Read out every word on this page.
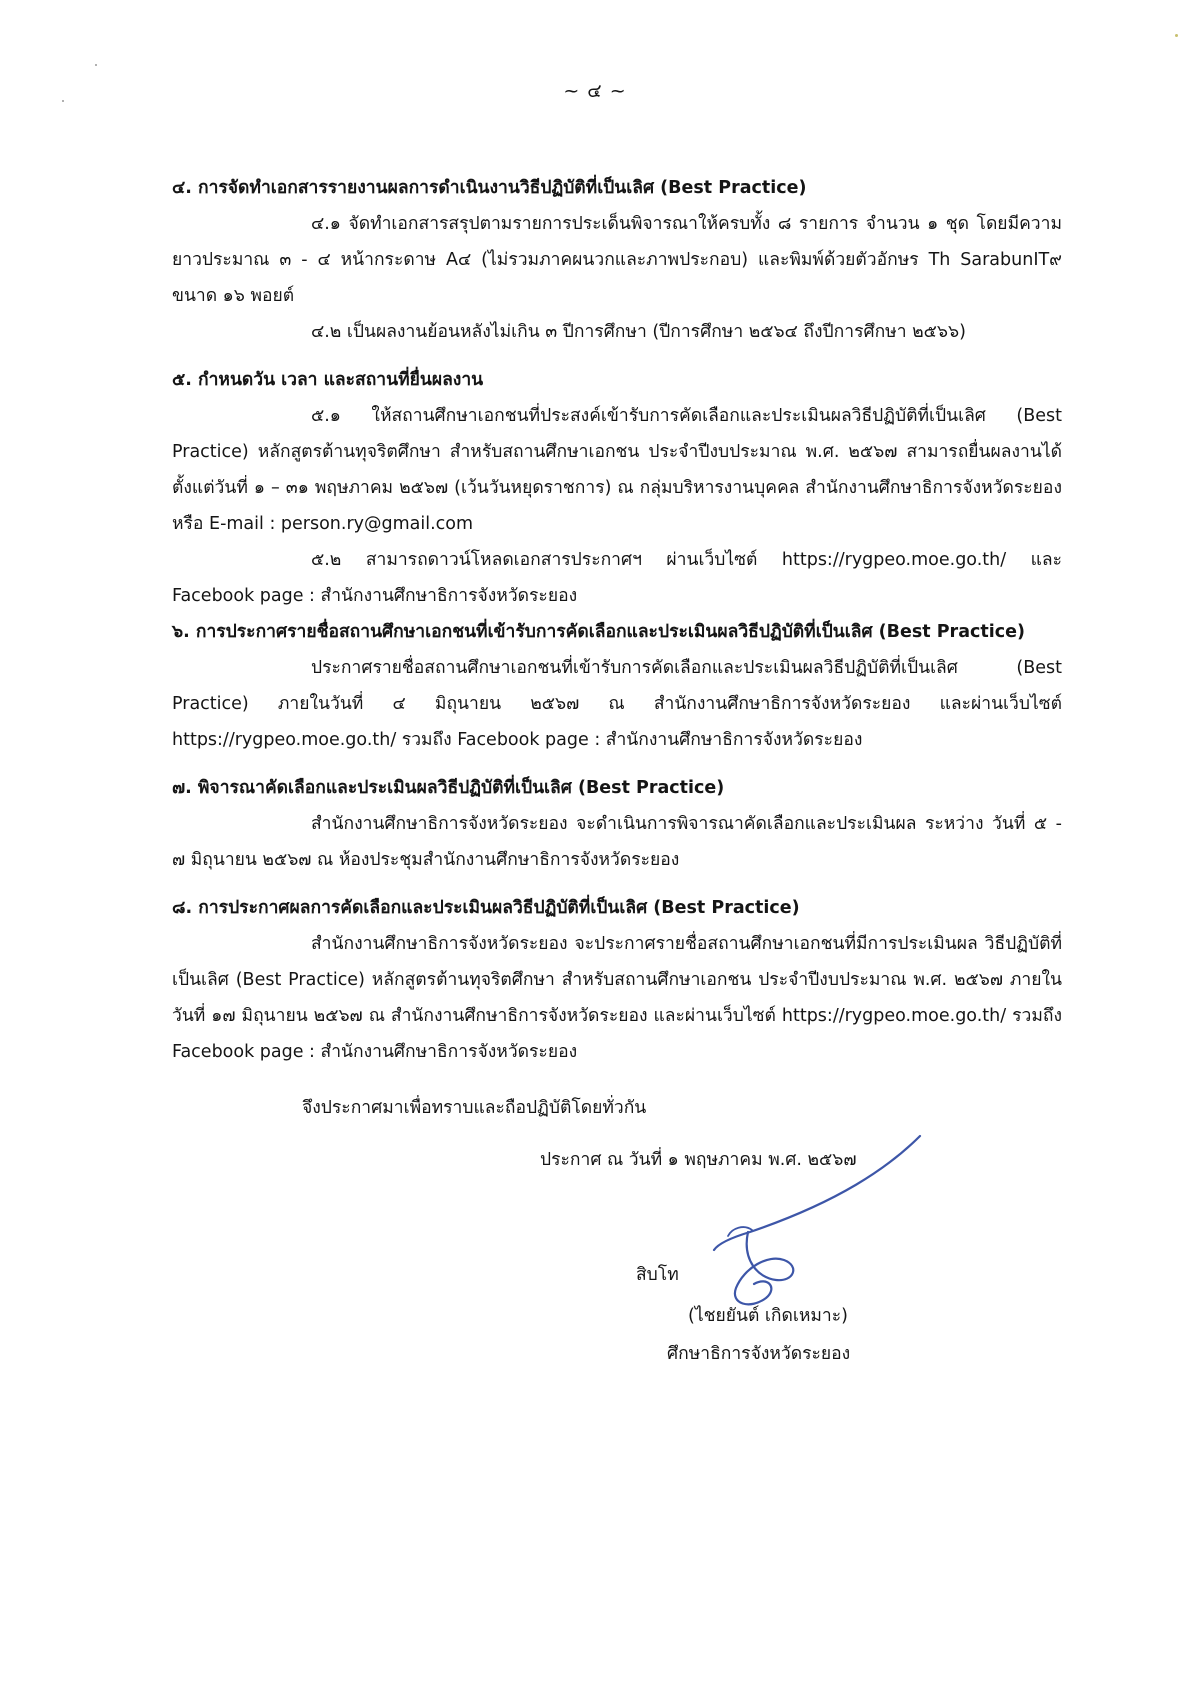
~ ๔ ~

๔. การจัดทำเอกสารรายงานผลการดำเนินงานวิธีปฏิบัติที่เป็นเลิศ (Best Practice)

๔.๑ จัดทำเอกสารสรุปตามรายการประเด็นพิจารณาให้ครบทั้ง ๘ รายการ จำนวน ๑ ชุด โดยมีความยาวประมาณ ๓ - ๔ หน้ากระดาษ A๔ (ไม่รวมภาคผนวกและภาพประกอบ) และพิมพ์ด้วยตัวอักษร Th SarabunIT๙ ขนาด ๑๖ พอยต์

๔.๒ เป็นผลงานย้อนหลังไม่เกิน ๓ ปีการศึกษา (ปีการศึกษา ๒๕๖๔ ถึงปีการศึกษา ๒๕๖๖)

๕. กำหนดวัน เวลา และสถานที่ยื่นผลงาน

๕.๑ ให้สถานศึกษาเอกชนที่ประสงค์เข้ารับการคัดเลือกและประเมินผลวิธีปฏิบัติที่เป็นเลิศ (Best Practice) หลักสูตรต้านทุจริตศึกษา สำหรับสถานศึกษาเอกชน ประจำปีงบประมาณ พ.ศ. ๒๕๖๗ สามารถยื่นผลงานได้ตั้งแต่วันที่ ๑ – ๓๑ พฤษภาคม ๒๕๖๗ (เว้นวันหยุดราชการ) ณ กลุ่มบริหารงานบุคคล สำนักงานศึกษาธิการจังหวัดระยอง หรือ E-mail : person.ry@gmail.com

๕.๒ สามารถดาวน์โหลดเอกสารประกาศฯ ผ่านเว็บไซต์ https://rygpeo.moe.go.th/ และ Facebook page : สำนักงานศึกษาธิการจังหวัดระยอง

๖. การประกาศรายชื่อสถานศึกษาเอกชนที่เข้ารับการคัดเลือกและประเมินผลวิธีปฏิบัติที่เป็นเลิศ (Best Practice)

ประกาศรายชื่อสถานศึกษาเอกชนที่เข้ารับการคัดเลือกและประเมินผลวิธีปฏิบัติที่เป็นเลิศ (Best Practice) ภายในวันที่ ๔ มิถุนายน ๒๕๖๗ ณ สำนักงานศึกษาธิการจังหวัดระยอง และผ่านเว็บไซต์ https://rygpeo.moe.go.th/ รวมถึง Facebook page : สำนักงานศึกษาธิการจังหวัดระยอง

๗. พิจารณาคัดเลือกและประเมินผลวิธีปฏิบัติที่เป็นเลิศ (Best Practice)

สำนักงานศึกษาธิการจังหวัดระยอง จะดำเนินการพิจารณาคัดเลือกและประเมินผล ระหว่าง วันที่ ๕ - ๗ มิถุนายน ๒๕๖๗ ณ ห้องประชุมสำนักงานศึกษาธิการจังหวัดระยอง

๘. การประกาศผลการคัดเลือกและประเมินผลวิธีปฏิบัติที่เป็นเลิศ (Best Practice)

สำนักงานศึกษาธิการจังหวัดระยอง จะประกาศรายชื่อสถานศึกษาเอกชนที่มีการประเมินผล วิธีปฏิบัติที่เป็นเลิศ (Best Practice) หลักสูตรต้านทุจริตศึกษา สำหรับสถานศึกษาเอกชน ประจำปีงบประมาณ พ.ศ. ๒๕๖๗ ภายในวันที่ ๑๗ มิถุนายน ๒๕๖๗ ณ สำนักงานศึกษาธิการจังหวัดระยอง และผ่านเว็บไซต์ https://rygpeo.moe.go.th/ รวมถึง Facebook page : สำนักงานศึกษาธิการจังหวัดระยอง

จึงประกาศมาเพื่อทราบและถือปฏิบัติโดยทั่วกัน
ประกาศ ณ วันที่ ๑ พฤษภาคม พ.ศ. ๒๕๖๗
สิบโท
(ไชยยันต์ เกิดเหมาะ)
ศึกษาธิการจังหวัดระยอง
